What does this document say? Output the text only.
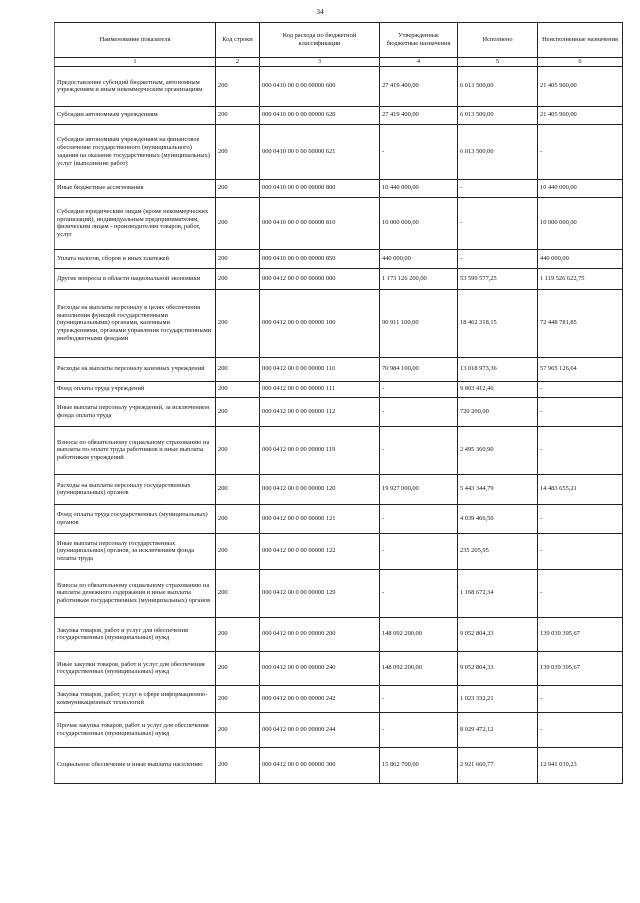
34
Наименование показателя	Код строки	Код расхода по бюджетной классификации	Утвержденные бюджетные назначения	Исполнено	Неисполненные назначения
1	2	3	4	5	6
Предоставление субсидий бюджетным, автономным учреждениям и иным некоммерческим организациям	200	000 0410 00 0 00 00000 600	27 419 400,00	6 013 500,00	21 405 900,00
Субсидии автономным учреждениям	200	000 0410 00 0 00 00000 620	27 419 400,00	6 013 500,00	21 405 900,00
Субсидии автономным учреждениям на финансовое обеспечение государственного (муниципального) задания на оказание государственных (муниципальных) услуг (выполнение работ)	200	000 0410 00 0 00 00000 621	-	6 013 500,00	-
Иные бюджетные ассигнования	200	000 0410 00 0 00 00000 800	10 440 000,00	-	10 440 000,00
Субсидии юридическим лицам (кроме некоммерческих организаций), индивидуальным предпринимателям, физическим лицам - производителям товаров, работ, услуг	200	000 0410 00 0 00 00000 810	10 000 000,00	-	10 000 000,00
Уплата налогов, сборов и иных платежей	200	000 0410 00 0 00 00000 850	440 000,00	-	440 000,00
Другие вопросы в области национальной экономики	200	000 0412 00 0 00 00000 000	1 173 126 200,00	53 599 577,25	1 119 526 622,75
Расходы на выплаты персоналу в целях обеспечения выполнения функций государственными (муниципальными) органами, казенными учреждениями, органами управления государственными внебюджетными фондами	200	000 0412 00 0 00 00000 100	90 911 100,00	18 462 318,15	72 448 781,85
Расходы на выплаты персоналу казенных учреждений	200	000 0412 00 0 00 00000 110	70 984 100,00	13 018 973,36	57 965 126,64
Фонд оплаты труда учреждений	200	000 0412 00 0 00 00000 111	-	9 803 412,46	-
Иные выплаты персоналу учреждений, за исключением фонда оплаты труда	200	000 0412 00 0 00 00000 112	-	720 200,00	-
Взносы по обязательному социальному страхованию на выплаты по оплате труда работников и иные выплаты работникам учреждений	200	000 0412 00 0 00 00000 119	-	2 495 360,90	-
Расходы на выплаты персоналу государственных (муниципальных) органов	200	000 0412 00 0 00 00000 120	19 927 000,00	5 443 344,79	14 483 655,21
Фонд оплаты труда государственных (муниципальных) органов	200	000 0412 00 0 00 00000 121	-	4 039 466,50	-
Иные выплаты персоналу государственных (муниципальных) органов, за исключением фонда оплаты труда	200	000 0412 00 0 00 00000 122	-	235 205,95	-
Взносы по обязательному социальному страхованию на выплаты денежного содержания и иные выплаты работникам государственных (муниципальных) органов	200	000 0412 00 0 00 00000 129	-	1 168 672,34	-
Закупка товаров, работ и услуг для обеспечения государственных (муниципальных) нужд	200	000 0412 00 0 00 00000 200	148 092 200,00	9 052 804,33	139 039 395,67
Иные закупки товаров, работ и услуг для обеспечения государственных (муниципальных) нужд	200	000 0412 00 0 00 00000 240	148 092 200,00	9 052 804,33	139 039 395,67
Закупка товаров, работ, услуг в сфере информационно-коммуникационных технологий	200	000 0412 00 0 00 00000 242	-	1 023 332,21	-
Прочая закупка товаров, работ и услуг для обеспечения государственных (муниципальных) нужд	200	000 0412 00 0 00 00000 244	-	8 029 472,12	-
Социальное обеспечение и иные выплаты населению	200	000 0412 00 0 00 00000 300	15 862 700,00	2 921 660,77	12 941 039,23
